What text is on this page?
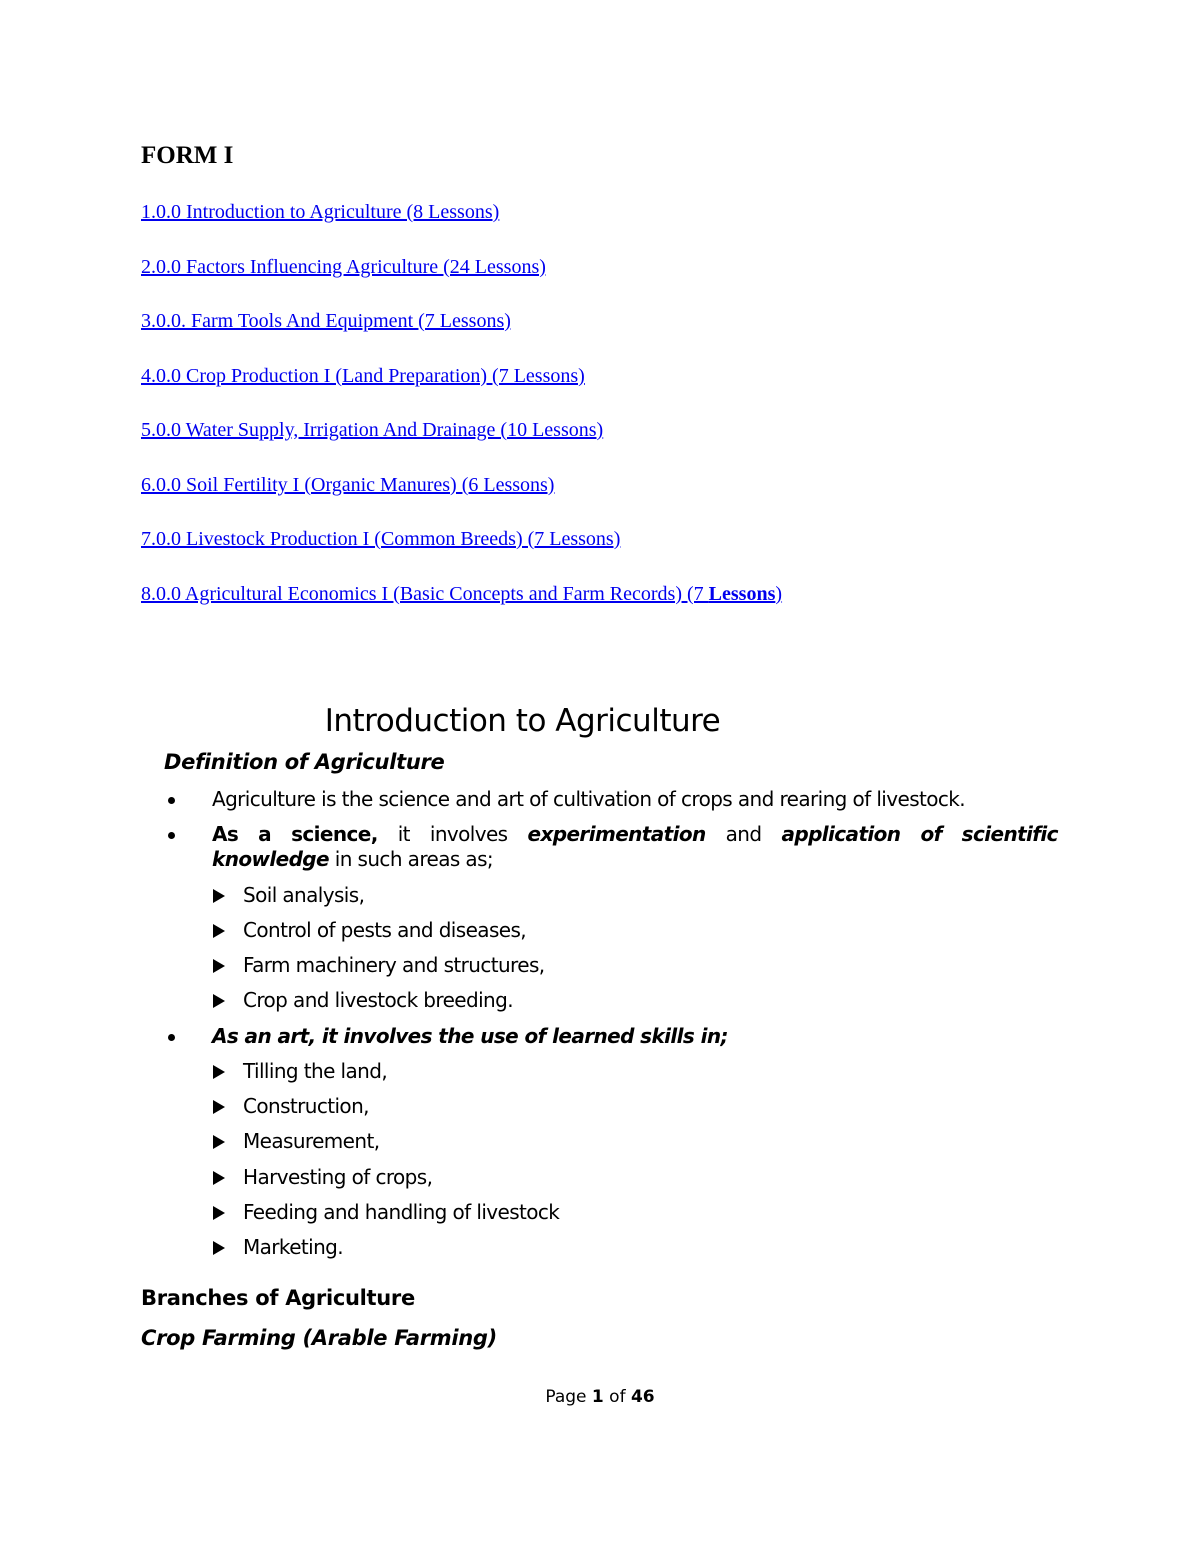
FORM I
1.0.0 Introduction to Agriculture (8 Lessons)
2.0.0 Factors Influencing Agriculture (24 Lessons)
3.0.0. Farm Tools And Equipment (7 Lessons)
4.0.0 Crop Production I (Land Preparation) (7 Lessons)
5.0.0 Water Supply, Irrigation And Drainage (10 Lessons)
6.0.0 Soil Fertility I (Organic Manures) (6 Lessons)
7.0.0 Livestock Production I (Common Breeds) (7 Lessons)
8.0.0 Agricultural Economics I (Basic Concepts and Farm Records) (7 Lessons)
Introduction to Agriculture
Definition of Agriculture
Agriculture is the science and art of cultivation of crops and rearing of livestock.
As a science, it involves experimentation and application of scientific
knowledge in such areas as;
Soil analysis,
Control of pests and diseases,
Farm machinery and structures,
Crop and livestock breeding.
As an art, it involves the use of learned skills in;
Tilling the land,
Construction,
Measurement,
Harvesting of crops,
Feeding and handling of livestock
Marketing.
Branches of Agriculture
Crop Farming (Arable Farming)
Page 1 of 46
